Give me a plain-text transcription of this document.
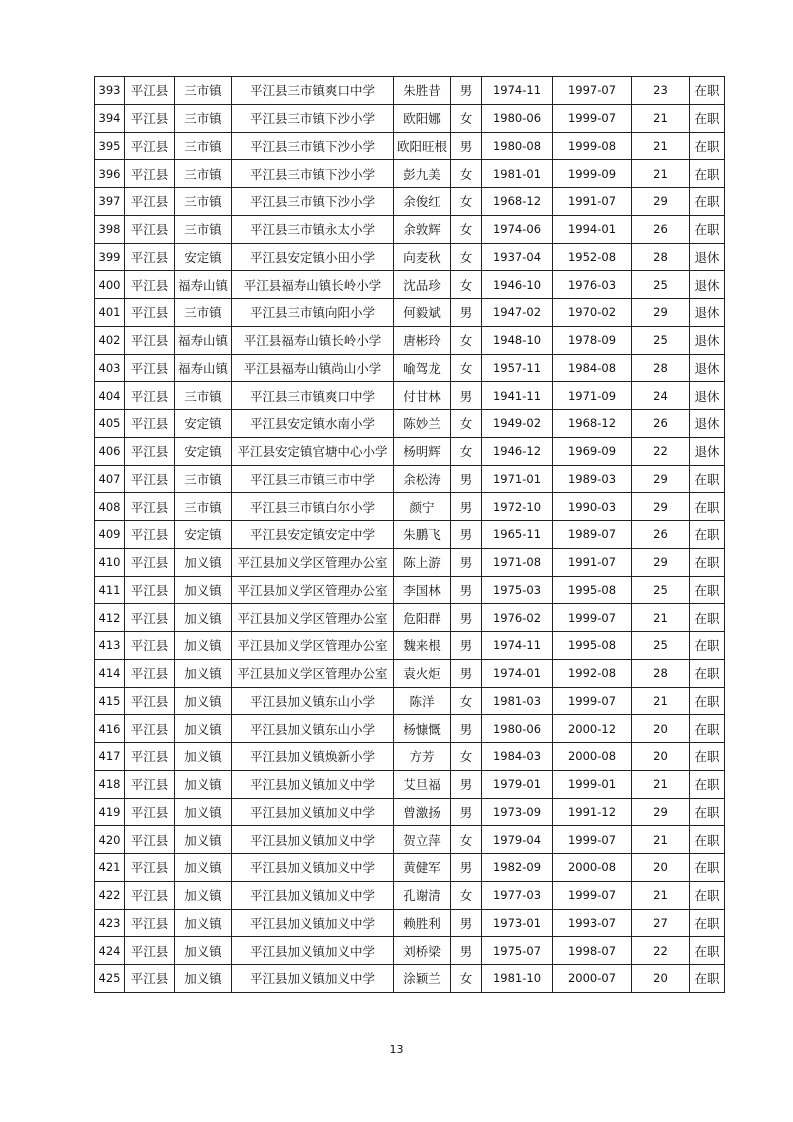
393	平江县	三市镇	平江县三市镇爽口中学	朱胜昔	男	1974-11	1997-07	23	在职
394	平江县	三市镇	平江县三市镇下沙小学	欧阳娜	女	1980-06	1999-07	21	在职
395	平江县	三市镇	平江县三市镇下沙小学	欧阳旺根	男	1980-08	1999-08	21	在职
396	平江县	三市镇	平江县三市镇下沙小学	彭九美	女	1981-01	1999-09	21	在职
397	平江县	三市镇	平江县三市镇下沙小学	余俊红	女	1968-12	1991-07	29	在职
398	平江县	三市镇	平江县三市镇永太小学	余敦辉	女	1974-06	1994-01	26	在职
399	平江县	安定镇	平江县安定镇小田小学	向麦秋	女	1937-04	1952-08	28	退休
400	平江县	福寿山镇	平江县福寿山镇长岭小学	沈品珍	女	1946-10	1976-03	25	退休
401	平江县	三市镇	平江县三市镇向阳小学	何毅斌	男	1947-02	1970-02	29	退休
402	平江县	福寿山镇	平江县福寿山镇长岭小学	唐彬玲	女	1948-10	1978-09	25	退休
403	平江县	福寿山镇	平江县福寿山镇尚山小学	喻驾龙	女	1957-11	1984-08	28	退休
404	平江县	三市镇	平江县三市镇爽口中学	付甘林	男	1941-11	1971-09	24	退休
405	平江县	安定镇	平江县安定镇水南小学	陈妙兰	女	1949-02	1968-12	26	退休
406	平江县	安定镇	平江县安定镇官塘中心小学	杨明辉	女	1946-12	1969-09	22	退休
407	平江县	三市镇	平江县三市镇三市中学	余松涛	男	1971-01	1989-03	29	在职
408	平江县	三市镇	平江县三市镇白尔小学	颜宁	男	1972-10	1990-03	29	在职
409	平江县	安定镇	平江县安定镇安定中学	朱鹏飞	男	1965-11	1989-07	26	在职
410	平江县	加义镇	平江县加义学区管理办公室	陈上游	男	1971-08	1991-07	29	在职
411	平江县	加义镇	平江县加义学区管理办公室	李国林	男	1975-03	1995-08	25	在职
412	平江县	加义镇	平江县加义学区管理办公室	危阳群	男	1976-02	1999-07	21	在职
413	平江县	加义镇	平江县加义学区管理办公室	魏来根	男	1974-11	1995-08	25	在职
414	平江县	加义镇	平江县加义学区管理办公室	袁火炬	男	1974-01	1992-08	28	在职
415	平江县	加义镇	平江县加义镇东山小学	陈洋	女	1981-03	1999-07	21	在职
416	平江县	加义镇	平江县加义镇东山小学	杨慷慨	男	1980-06	2000-12	20	在职
417	平江县	加义镇	平江县加义镇焕新小学	方芳	女	1984-03	2000-08	20	在职
418	平江县	加义镇	平江县加义镇加义中学	艾旦福	男	1979-01	1999-01	21	在职
419	平江县	加义镇	平江县加义镇加义中学	曾激扬	男	1973-09	1991-12	29	在职
420	平江县	加义镇	平江县加义镇加义中学	贺立萍	女	1979-04	1999-07	21	在职
421	平江县	加义镇	平江县加义镇加义中学	黄健军	男	1982-09	2000-08	20	在职
422	平江县	加义镇	平江县加义镇加义中学	孔谢清	女	1977-03	1999-07	21	在职
423	平江县	加义镇	平江县加义镇加义中学	赖胜利	男	1973-01	1993-07	27	在职
424	平江县	加义镇	平江县加义镇加义中学	刘桥梁	男	1975-07	1998-07	22	在职
425	平江县	加义镇	平江县加义镇加义中学	涂颖兰	女	1981-10	2000-07	20	在职
13
